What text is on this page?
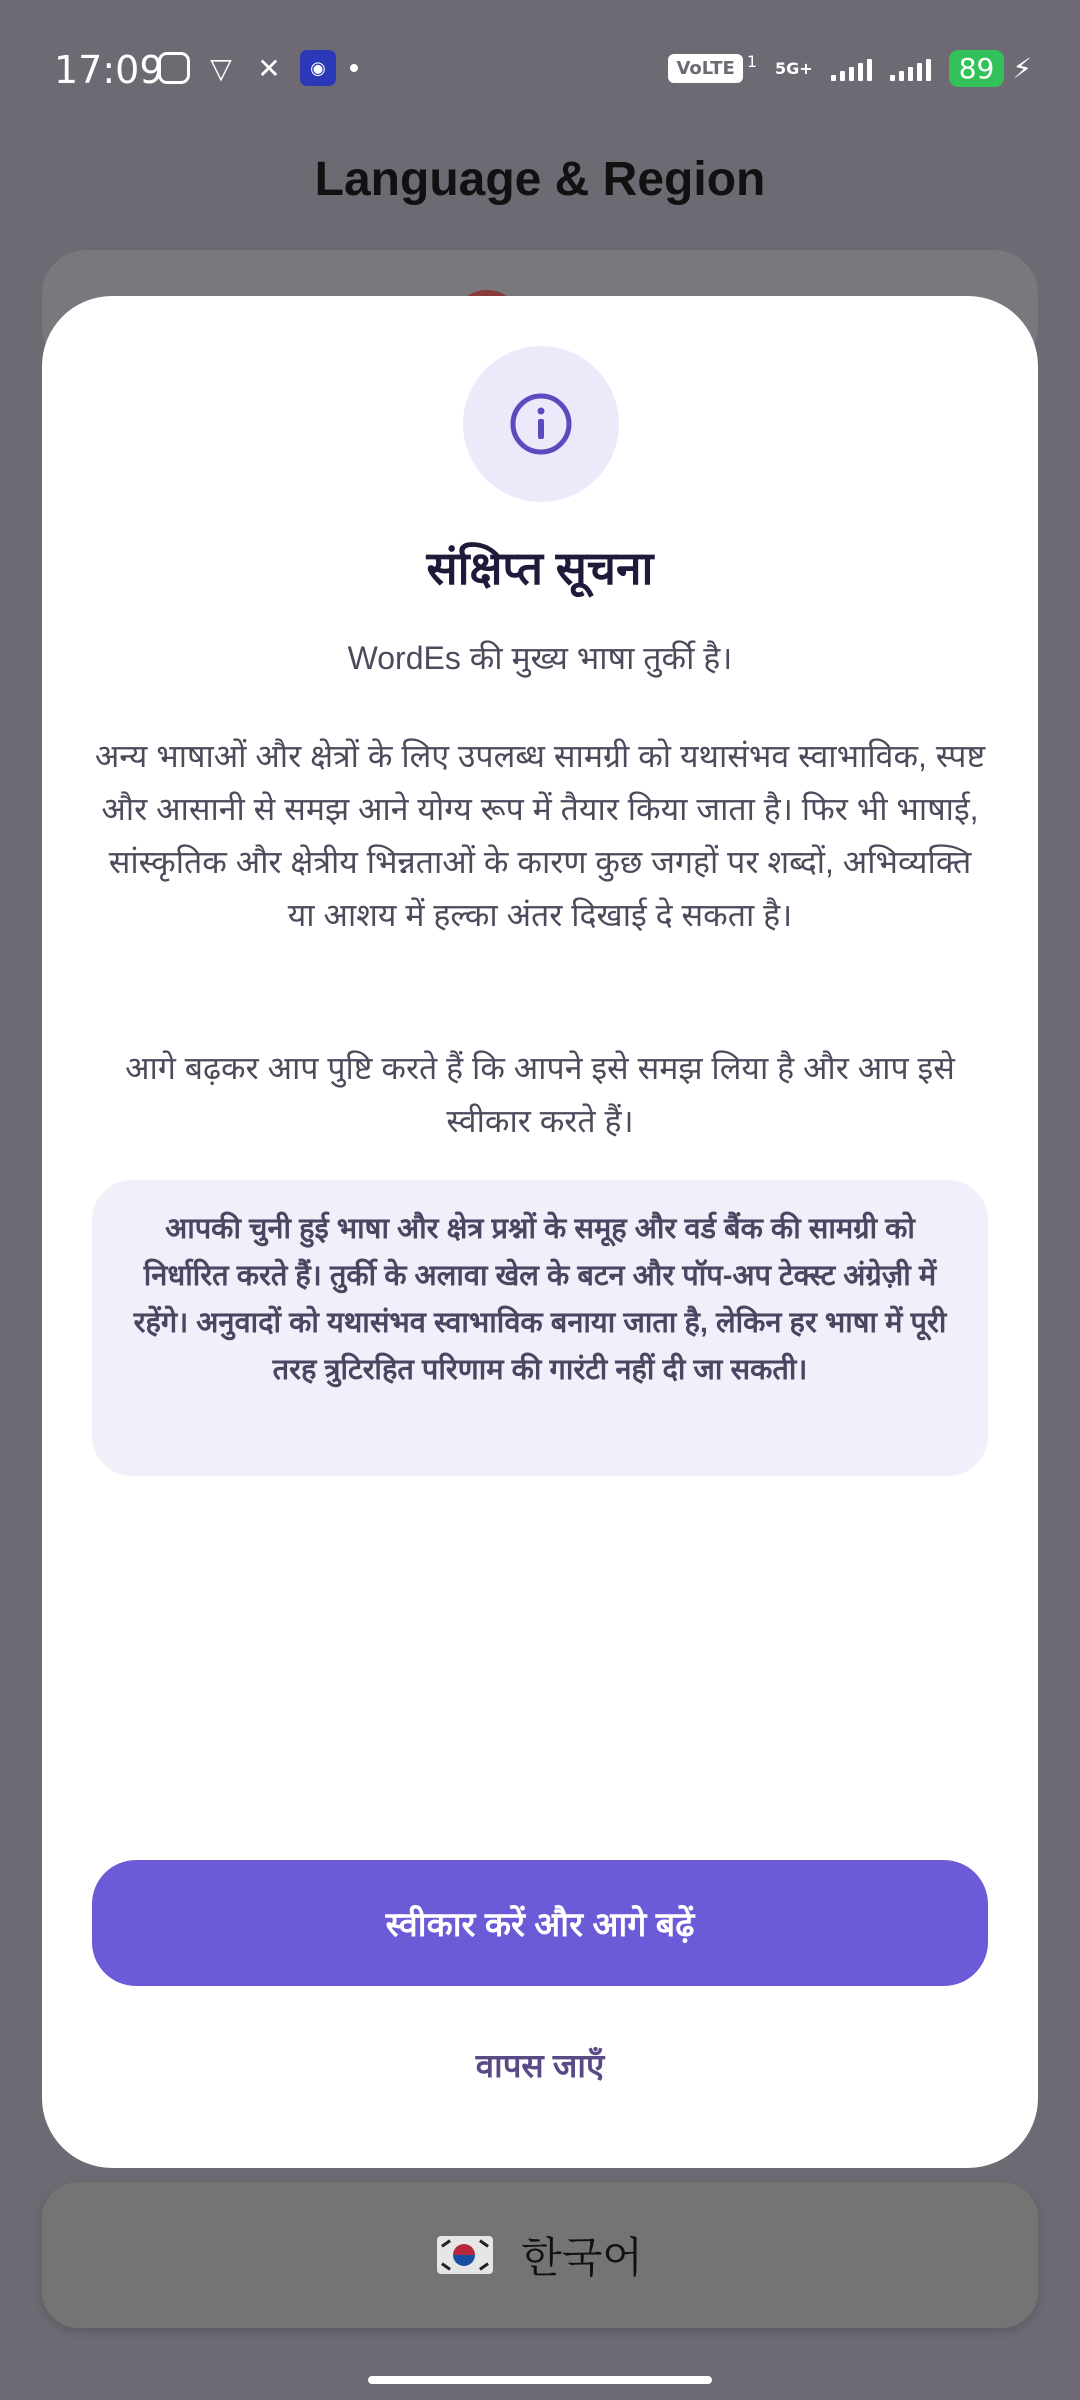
17:09 ▽ ✕	◉	VoLTE 1 5G+	89 ⚡
Language & Region
한국어
संक्षिप्त सूचना

WordEs की मुख्य भाषा तुर्की है।

अन्य भाषाओं और क्षेत्रों के लिए उपलब्ध सामग्री को यथासंभव स्वाभाविक, स्पष्ट और आसानी से समझ आने योग्य रूप में तैयार किया जाता है। फिर भी भाषाई, सांस्कृतिक और क्षेत्रीय भिन्नताओं के कारण कुछ जगहों पर शब्दों, अभिव्यक्ति या आशय में हल्का अंतर दिखाई दे सकता है।

आगे बढ़कर आप पुष्टि करते हैं कि आपने इसे समझ लिया है और आप इसे स्वीकार करते हैं।

आपकी चुनी हुई भाषा और क्षेत्र प्रश्नों के समूह और वर्ड बैंक की सामग्री को निर्धारित करते हैं। तुर्की के अलावा खेल के बटन और पॉप-अप टेक्स्ट अंग्रेज़ी में रहेंगे। अनुवादों को यथासंभव स्वाभाविक बनाया जाता है, लेकिन हर भाषा में पूरी तरह त्रुटिरहित परिणाम की गारंटी नहीं दी जा सकती।

स्वीकार करें और आगे बढ़ें
वापस जाएँ
